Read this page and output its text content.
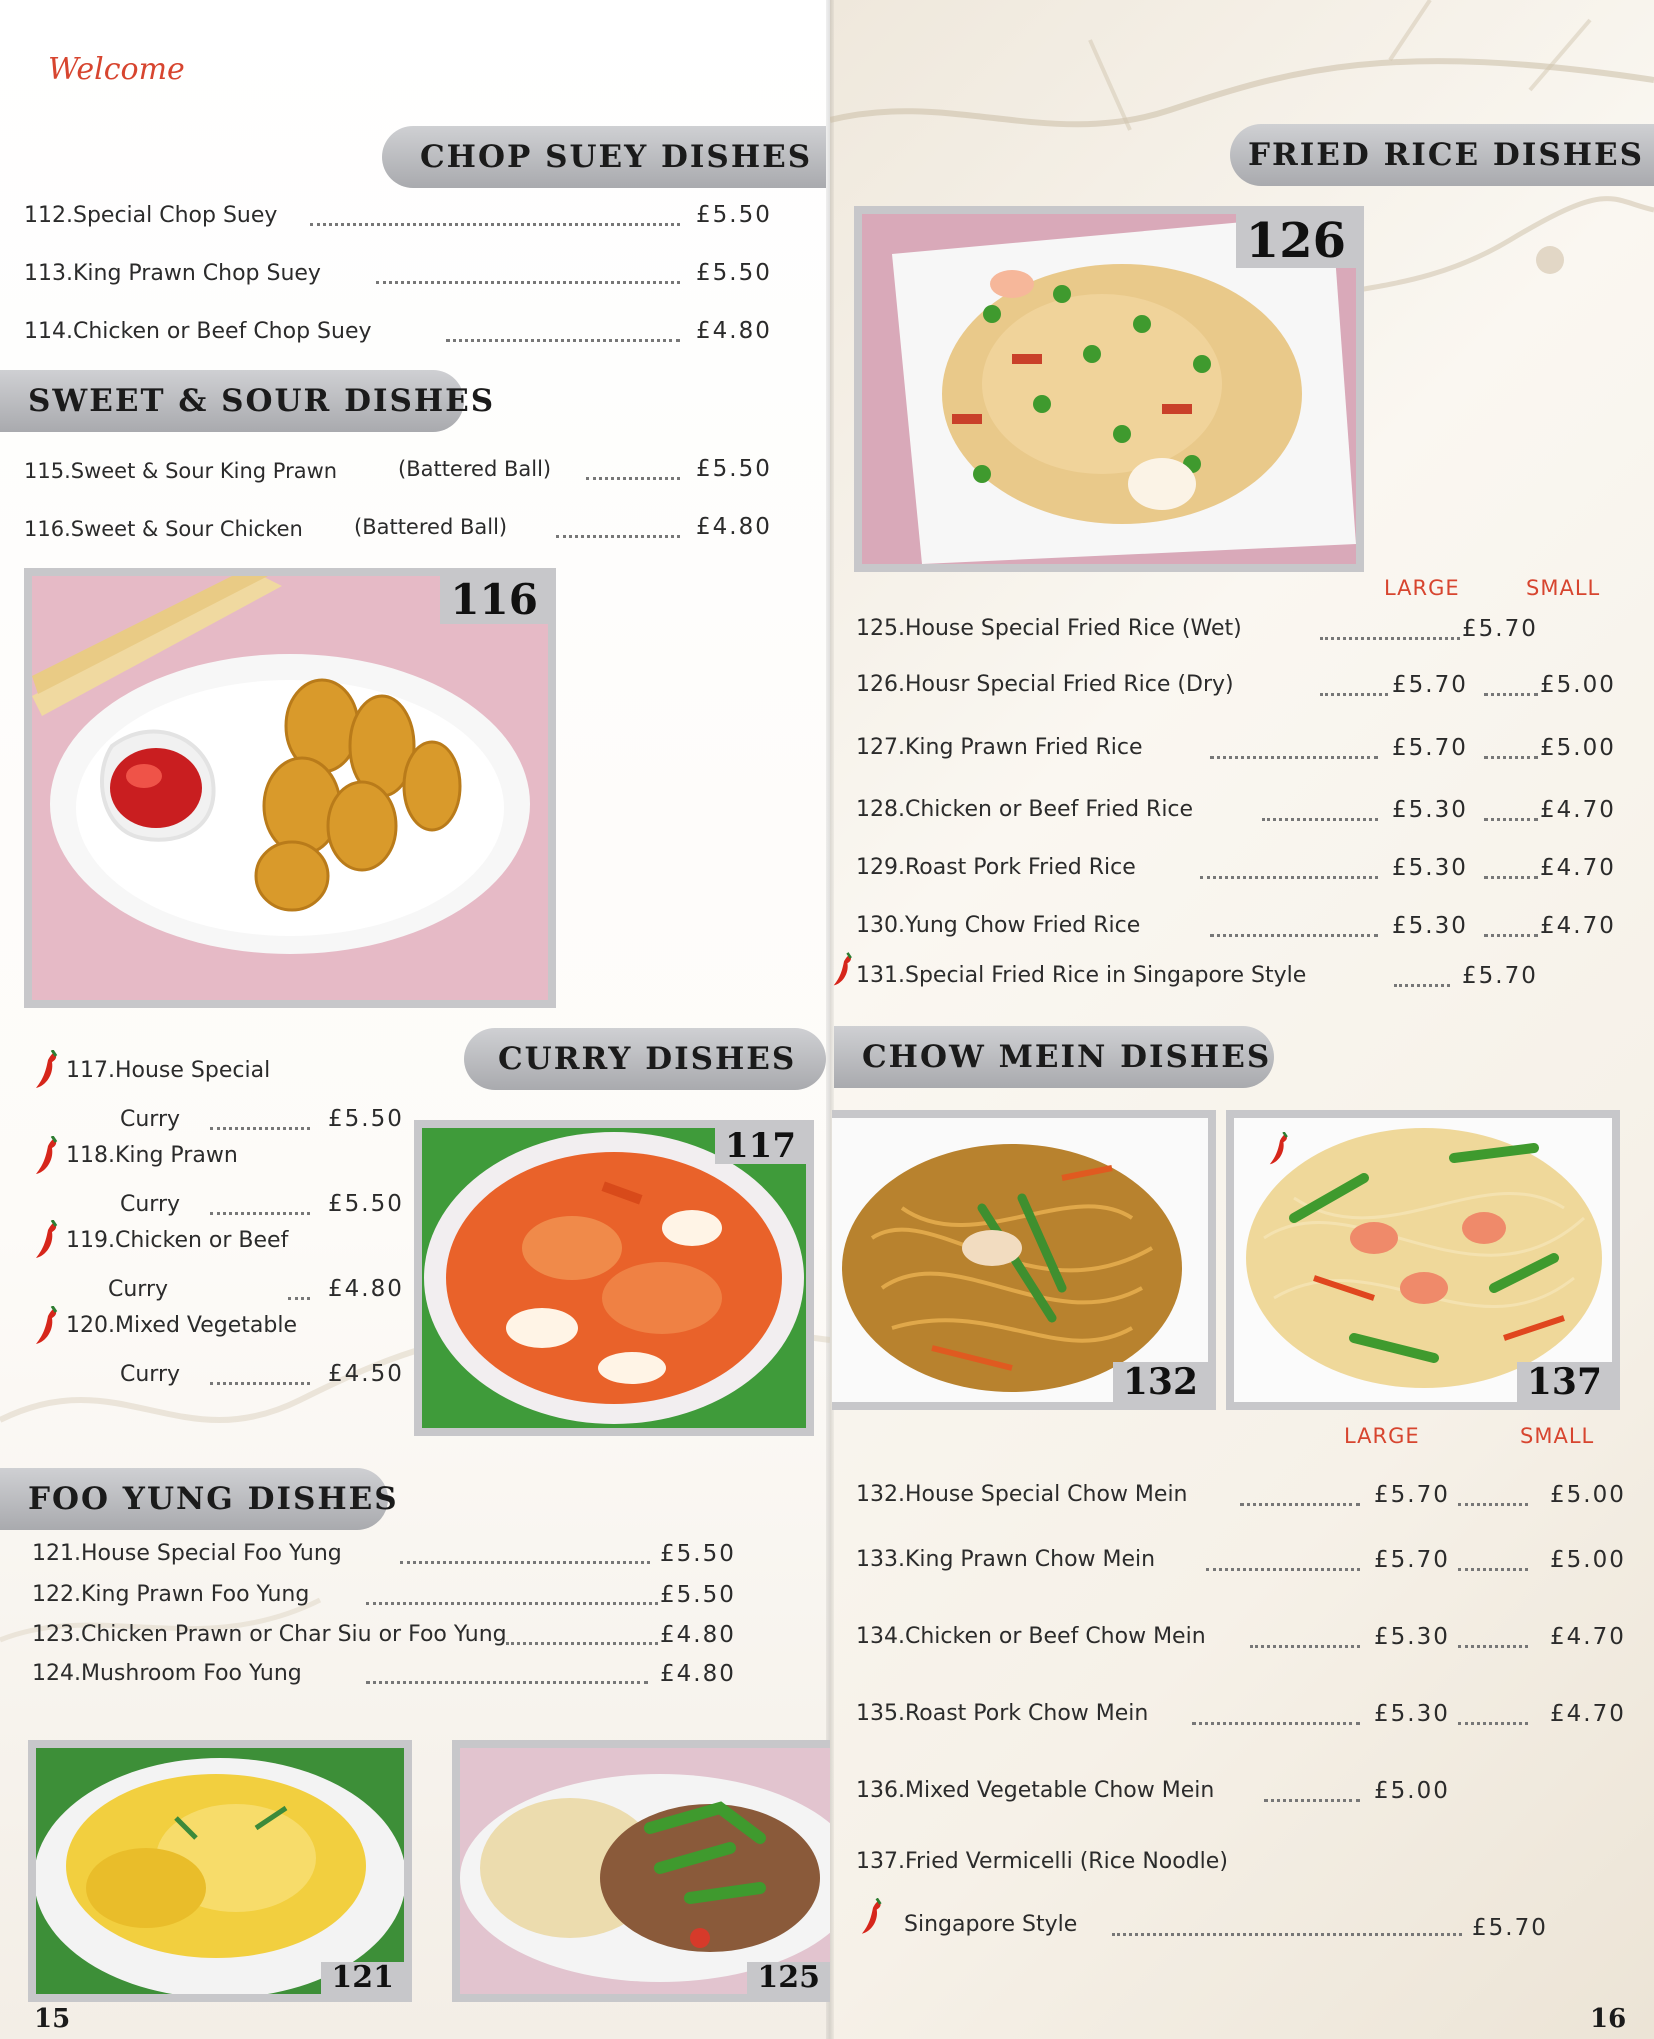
Welcome
CHOP SUEY DISHES
112.Special Chop Suey	£5.50
113.King Prawn Chop Suey	£5.50
114.Chicken or Beef Chop Suey	£4.80
SWEET & SOUR DISHES
115.Sweet & Sour King Prawn	(Battered Ball)	£5.50
116.Sweet & Sour Chicken (Battered Ball)	£4.80
116
CURRY DISHES
117.House Special
Curry	£5.50
118.King Prawn
Curry	£5.50
119.Chicken or Beef
Curry	£4.80
120.Mixed Vegetable
Curry	£4.50
117
FOO YUNG DISHES
121.House Special Foo Yung	£5.50
122.King Prawn Foo Yung	£5.50
123.Chicken Prawn or Char Siu or Foo Yung	£4.80
124.Mushroom Foo Yung	£4.80
121	125
15
FRIED RICE DISHES
126
LARGE	SMALL
125.House Special Fried Rice (Wet)	£5.70
126.Housr Special Fried Rice (Dry)	£5.70	£5.00
127.King Prawn Fried Rice	£5.70	£5.00
128.Chicken or Beef Fried Rice	£5.30	£4.70
129.Roast Pork Fried Rice	£5.30	£4.70
130.Yung Chow Fried Rice	£5.30	£4.70
131.Special Fried Rice in Singapore Style	£5.70
CHOW MEIN DISHES
132	137
LARGE	SMALL
132.House Special Chow Mein	£5.70	£5.00
133.King Prawn Chow Mein	£5.70	£5.00
134.Chicken or Beef Chow Mein	£5.30	£4.70
135.Roast Pork Chow Mein	£5.30	£4.70
136.Mixed Vegetable Chow Mein	£5.00
137.Fried Vermicelli (Rice Noodle)
Singapore Style	£5.70
16
